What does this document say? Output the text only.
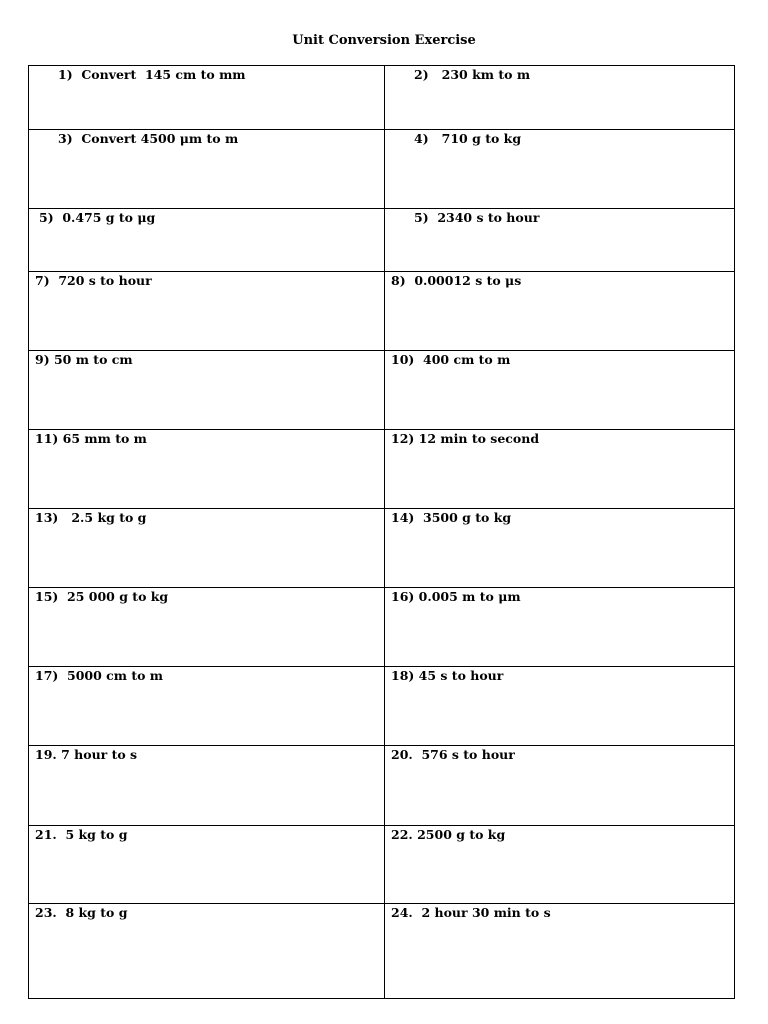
Unit Conversion Exercise
1)  Convert  145 cm to mm	2)   230 km to m

3)  Convert 4500 μm to m	4)   710 g to kg

5)  0.475 g to μg	5)  2340 s to hour

7)  720 s to hour	8)  0.00012 s to μs

9) 50 m to cm	10)  400 cm to m

11) 65 mm to m	12) 12 min to second

13)   2.5 kg to g	14)  3500 g to kg

15)  25 000 g to kg	16) 0.005 m to μm

17)  5000 cm to m	18) 45 s to hour

19. 7 hour to s	20.  576 s to hour

21.  5 kg to g	22. 2500 g to kg

23.  8 kg to g	24.  2 hour 30 min to s
